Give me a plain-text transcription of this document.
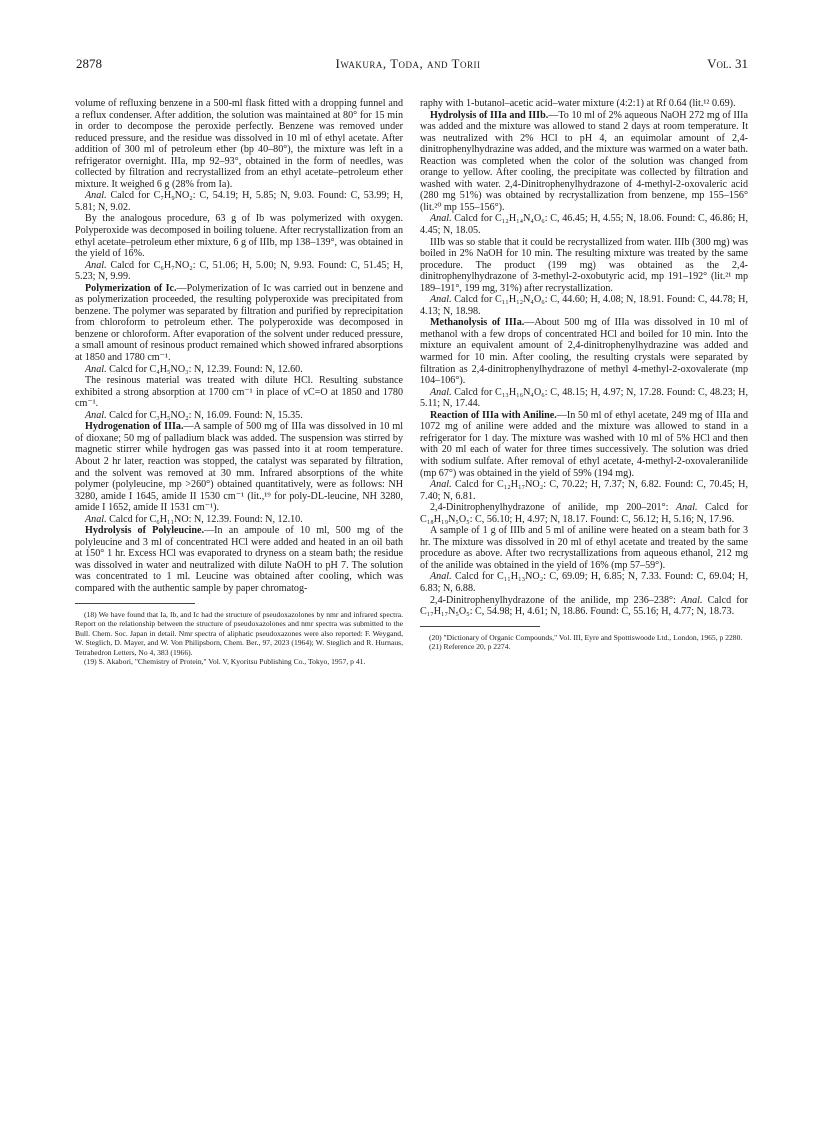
2878	Iwakura, Toda, and Torii	Vol. 31

volume of refluxing benzene in a 500-ml flask fitted with a dropping funnel and a reflux condenser. After addition, the solution was maintained at 80° for 15 min in order to decompose the peroxide perfectly. Benzene was removed under reduced pressure, and the residue was dissolved in 10 ml of ethyl acetate. After addition of 300 ml of petroleum ether (bp 40–80°), the mixture was left in a refrigerator overnight. IIIa, mp 92–93°, obtained in the form of needles, was collected by filtration and recrystallized from an ethyl acetate–petroleum ether mixture. It weighed 6 g (28% from Ia).

Anal. Calcd for C₇H₉NO₂: C, 54.19; H, 5.85; N, 9.03. Found: C, 53.99; H, 5.81; N, 9.02.

By the analogous procedure, 63 g of Ib was polymerized with oxygen. Polyperoxide was decomposed in boiling toluene. After recrystallization from an ethyl acetate–petroleum ether mixture, 6 g of IIIb, mp 138–139°, was obtained in the yield of 16%.

Anal. Calcd for C₆H₇NO₂: C, 51.06; H, 5.00; N, 9.93. Found: C, 51.45; H, 5.23; N, 9.99.

Polymerization of Ic.—Polymerization of Ic was carried out in benzene and as polymerization proceeded, the resulting polyperoxide was precipitated from benzene. The polymer was separated by filtration and purified by reprecipitation from chloroform to petroleum ether. The polyperoxide was decomposed in benzene or chloroform. After evaporation of the solvent under reduced pressure, a small amount of resinous product remained which showed infrared absorptions at 1850 and 1780 cm⁻¹.

Anal. Calcd for C₄H₅NO₃: N, 12.39. Found: N, 12.60.

The resinous material was treated with dilute HCl. Resulting substance exhibited a strong absorption at 1700 cm⁻¹ in place of νC=O at 1850 and 1780 cm⁻¹.

Anal. Calcd for C₃H₅NO₂: N, 16.09. Found: N, 15.35.

Hydrogenation of IIIa.—A sample of 500 mg of IIIa was dissolved in 10 ml of dioxane; 50 mg of palladium black was added. The suspension was stirred by magnetic stirrer while hydrogen gas was passed into it at room temperature. About 2 hr later, reaction was stopped, the catalyst was separated by filtration, and the solvent was removed at 30 mm. Infrared absorptions of the white polymer (polyleucine, mp >260°) obtained quantitatively, were as follows: NH 3280, amide I 1645, amide II 1530 cm⁻¹ (lit.,¹⁹ for poly-DL-leucine, NH 3280, amide I 1652, amide II 1531 cm⁻¹).

Anal. Calcd for C₆H₁₁NO: N, 12.39. Found: N, 12.10.

Hydrolysis of Polyleucine.—In an ampoule of 10 ml, 500 mg of the polyleucine and 3 ml of concentrated HCl were added and heated in an oil bath at 150° 1 hr. Excess HCl was evaporated to dryness on a steam bath; the residue was dissolved in water and neutralized with dilute NaOH to pH 7. The solution was concentrated to 1 ml. Leucine was obtained after cooling, which was compared with the authentic sample by paper chromatog-

(18) We have found that Ia, Ib, and Ic had the structure of pseudoxazolones by nmr and infrared spectra. Report on the relationship between the structure of pseudoxazolones and nmr spectra was submitted to the Bull. Chem. Soc. Japan in detail. Nmr spectra of aliphatic pseudoxazones were also reported: F. Weygand, W. Steglich, D. Mayer, and W. Von Philipsborn, Chem. Ber., 97, 2023 (1964); W. Steglich and R. Hurnaus, Tetrahedron Letters, No 4, 383 (1966).

(19) S. Akabori, "Chemistry of Protein," Vol. V, Kyoritsu Publishing Co., Tokyo, 1957, p 41.

raphy with 1-butanol–acetic acid–water mixture (4:2:1) at Rf 0.64 (lit.¹² 0.69).

Hydrolysis of IIIa and IIIb.—To 10 ml of 2% aqueous NaOH 272 mg of IIIa was added and the mixture was allowed to stand 2 days at room temperature. It was neutralized with 2% HCl to pH 4, an equimolar amount of 2,4-dinitrophenylhydrazine was added, and the mixture was warmed on a water bath. Reaction was completed when the color of the solution was changed from orange to yellow. After cooling, the precipitate was collected by filtration and washed with water. 2,4-Dinitrophenylhydrazone of 4-methyl-2-oxovaleric acid (280 mg 51%) was obtained by recrystallization from benzene, mp 155–156° (lit.²⁰ mp 155–156°).

Anal. Calcd for C₁₂H₁₄N₄O₆: C, 46.45; H, 4.55; N, 18.06. Found: C, 46.86; H, 4.45; N, 18.05.

IIIb was so stable that it could be recrystallized from water. IIIb (300 mg) was boiled in 2% NaOH for 10 min. The resulting mixture was treated by the same procedure. The product (199 mg) was obtained as the 2,4-dinitrophenylhydrazone of 3-methyl-2-oxobutyric acid, mp 191–192° (lit.²¹ mp 189–191°, 199 mg, 31%) after recrystallization.

Anal. Calcd for C₁₁H₁₂N₄O₆: C, 44.60; H, 4.08; N, 18.91. Found: C, 44.78; H, 4.13; N, 18.98.

Methanolysis of IIIa.—About 500 mg of IIIa was dissolved in 10 ml of methanol with a few drops of concentrated HCl and boiled for 10 min. Into the mixture an equivalent amount of 2,4-dinitrophenylhydrazine was added and warmed for 10 min. After cooling, the resulting crystals were separated by filtration as 2,4-dinitrophenylhydrazone of methyl 4-methyl-2-oxovalerate (mp 104–106°).

Anal. Calcd for C₁₃H₁₆N₄O₆: C, 48.15; H, 4.97; N, 17.28. Found: C, 48.23; H, 5.11; N, 17.44.

Reaction of IIIa with Aniline.—In 50 ml of ethyl acetate, 249 mg of IIIa and 1072 mg of aniline were added and the mixture was allowed to stand in a refrigerator for 1 day. The mixture was washed with 10 ml of 5% HCl and then with 20 ml each of water for three times successively. The solution was dried with sodium sulfate. After removal of ethyl acetate, 4-methyl-2-oxovaleranilide (mp 67°) was obtained in the yield of 59% (194 mg).

Anal. Calcd for C₁₂H₁₇NO₂: C, 70.22; H, 7.37; N, 6.82. Found: C, 70.45; H, 7.40; N, 6.81.

2,4-Dinitrophenylhydrazone of anilide, mp 200–201°: Anal. Calcd for C₁₈H₁₉N₅O₅: C, 56.10; H, 4.97; N, 18.17. Found: C, 56.12; H, 5.16; N, 17.96.

A sample of 1 g of IIIb and 5 ml of aniline were heated on a steam bath for 3 hr. The mixture was dissolved in 20 ml of ethyl acetate and treated by the same procedure as above. After two recrystallizations from aqueous ethanol, 212 mg of the anilide was obtained in the yield of 16% (mp 57–59°).

Anal. Calcd for C₁₁H₁₃NO₂: C, 69.09; H, 6.85; N, 7.33. Found: C, 69.04; H, 6.83; N, 6.88.

2,4-Dinitrophenylhydrazone of the anilide, mp 236–238°: Anal. Calcd for C₁₇H₁₇N₅O₅: C, 54.98; H, 4.61; N, 18.86. Found: C, 55.16; H, 4.77; N, 18.73.

(20) "Dictionary of Organic Compounds," Vol. III, Eyre and Spottiswoode Ltd., London, 1965, p 2280.

(21) Reference 20, p 2274.
